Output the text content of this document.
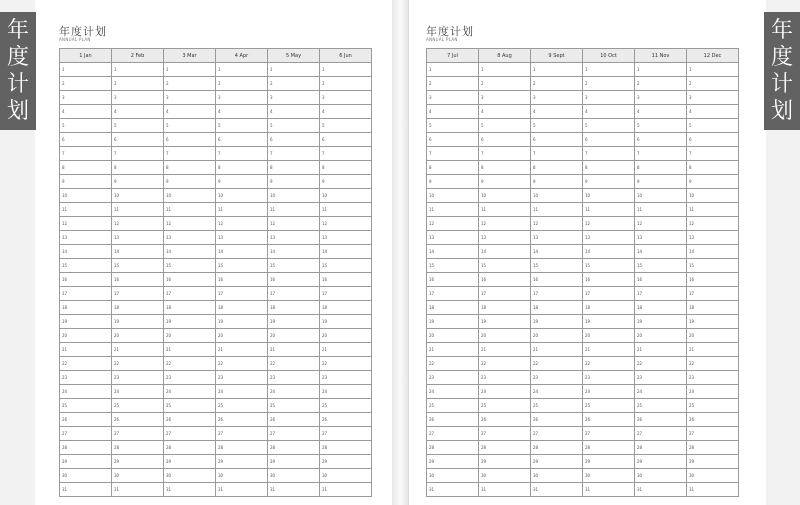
年度计划
ANNUAL PLAN
1 Jan	2 Feb	3 Mar	4 Apr	5 May	6 Jun
1	1	1	1	1	1
2	2	2	2	2	2
3	3	3	3	3	3
4	4	4	4	4	4
5	5	5	5	5	5
6	6	6	6	6	6
7	7	7	7	7	7
8	8	8	8	8	8
9	9	9	9	9	9
10	10	10	10	10	10
11	11	11	11	11	11
12	12	12	12	12	12
13	13	13	13	13	13
14	14	14	14	14	14
15	15	15	15	15	15
16	16	16	16	16	16
17	17	17	17	17	17
18	18	18	18	18	18
19	19	19	19	19	19
20	20	20	20	20	20
21	21	21	21	21	21
22	22	22	22	22	22
23	23	23	23	23	23
24	24	24	24	24	24
25	25	25	25	25	25
26	26	26	26	26	26
27	27	27	27	27	27
28	28	28	28	28	28
29	29	29	29	29	29
30	30	30	30	30	30
31	31	31	31	31	31
年度计划
ANNUAL PLAN
7 Jul	8 Aug	9 Sept	10 Oct	11 Nov	12 Dec
1	1	1	1	1	1
2	2	2	2	2	2
3	3	3	3	3	3
4	4	4	4	4	4
5	5	5	5	5	5
6	6	6	6	6	6
7	7	7	7	7	7
8	8	8	8	8	8
9	9	9	9	9	9
10	10	10	10	10	10
11	11	11	11	11	11
12	12	12	12	12	12
13	13	13	13	13	13
14	14	14	14	14	14
15	15	15	15	15	15
16	16	16	16	16	16
17	17	17	17	17	17
18	18	18	18	18	18
19	19	19	19	19	19
20	20	20	20	20	20
21	21	21	21	21	21
22	22	22	22	22	22
23	23	23	23	23	23
24	24	24	24	24	24
25	25	25	25	25	25
26	26	26	26	26	26
27	27	27	27	27	27
28	28	28	28	28	28
29	29	29	29	29	29
30	30	30	30	30	30
31	31	31	31	31	31
年
度
计
划
年
度
计
划
